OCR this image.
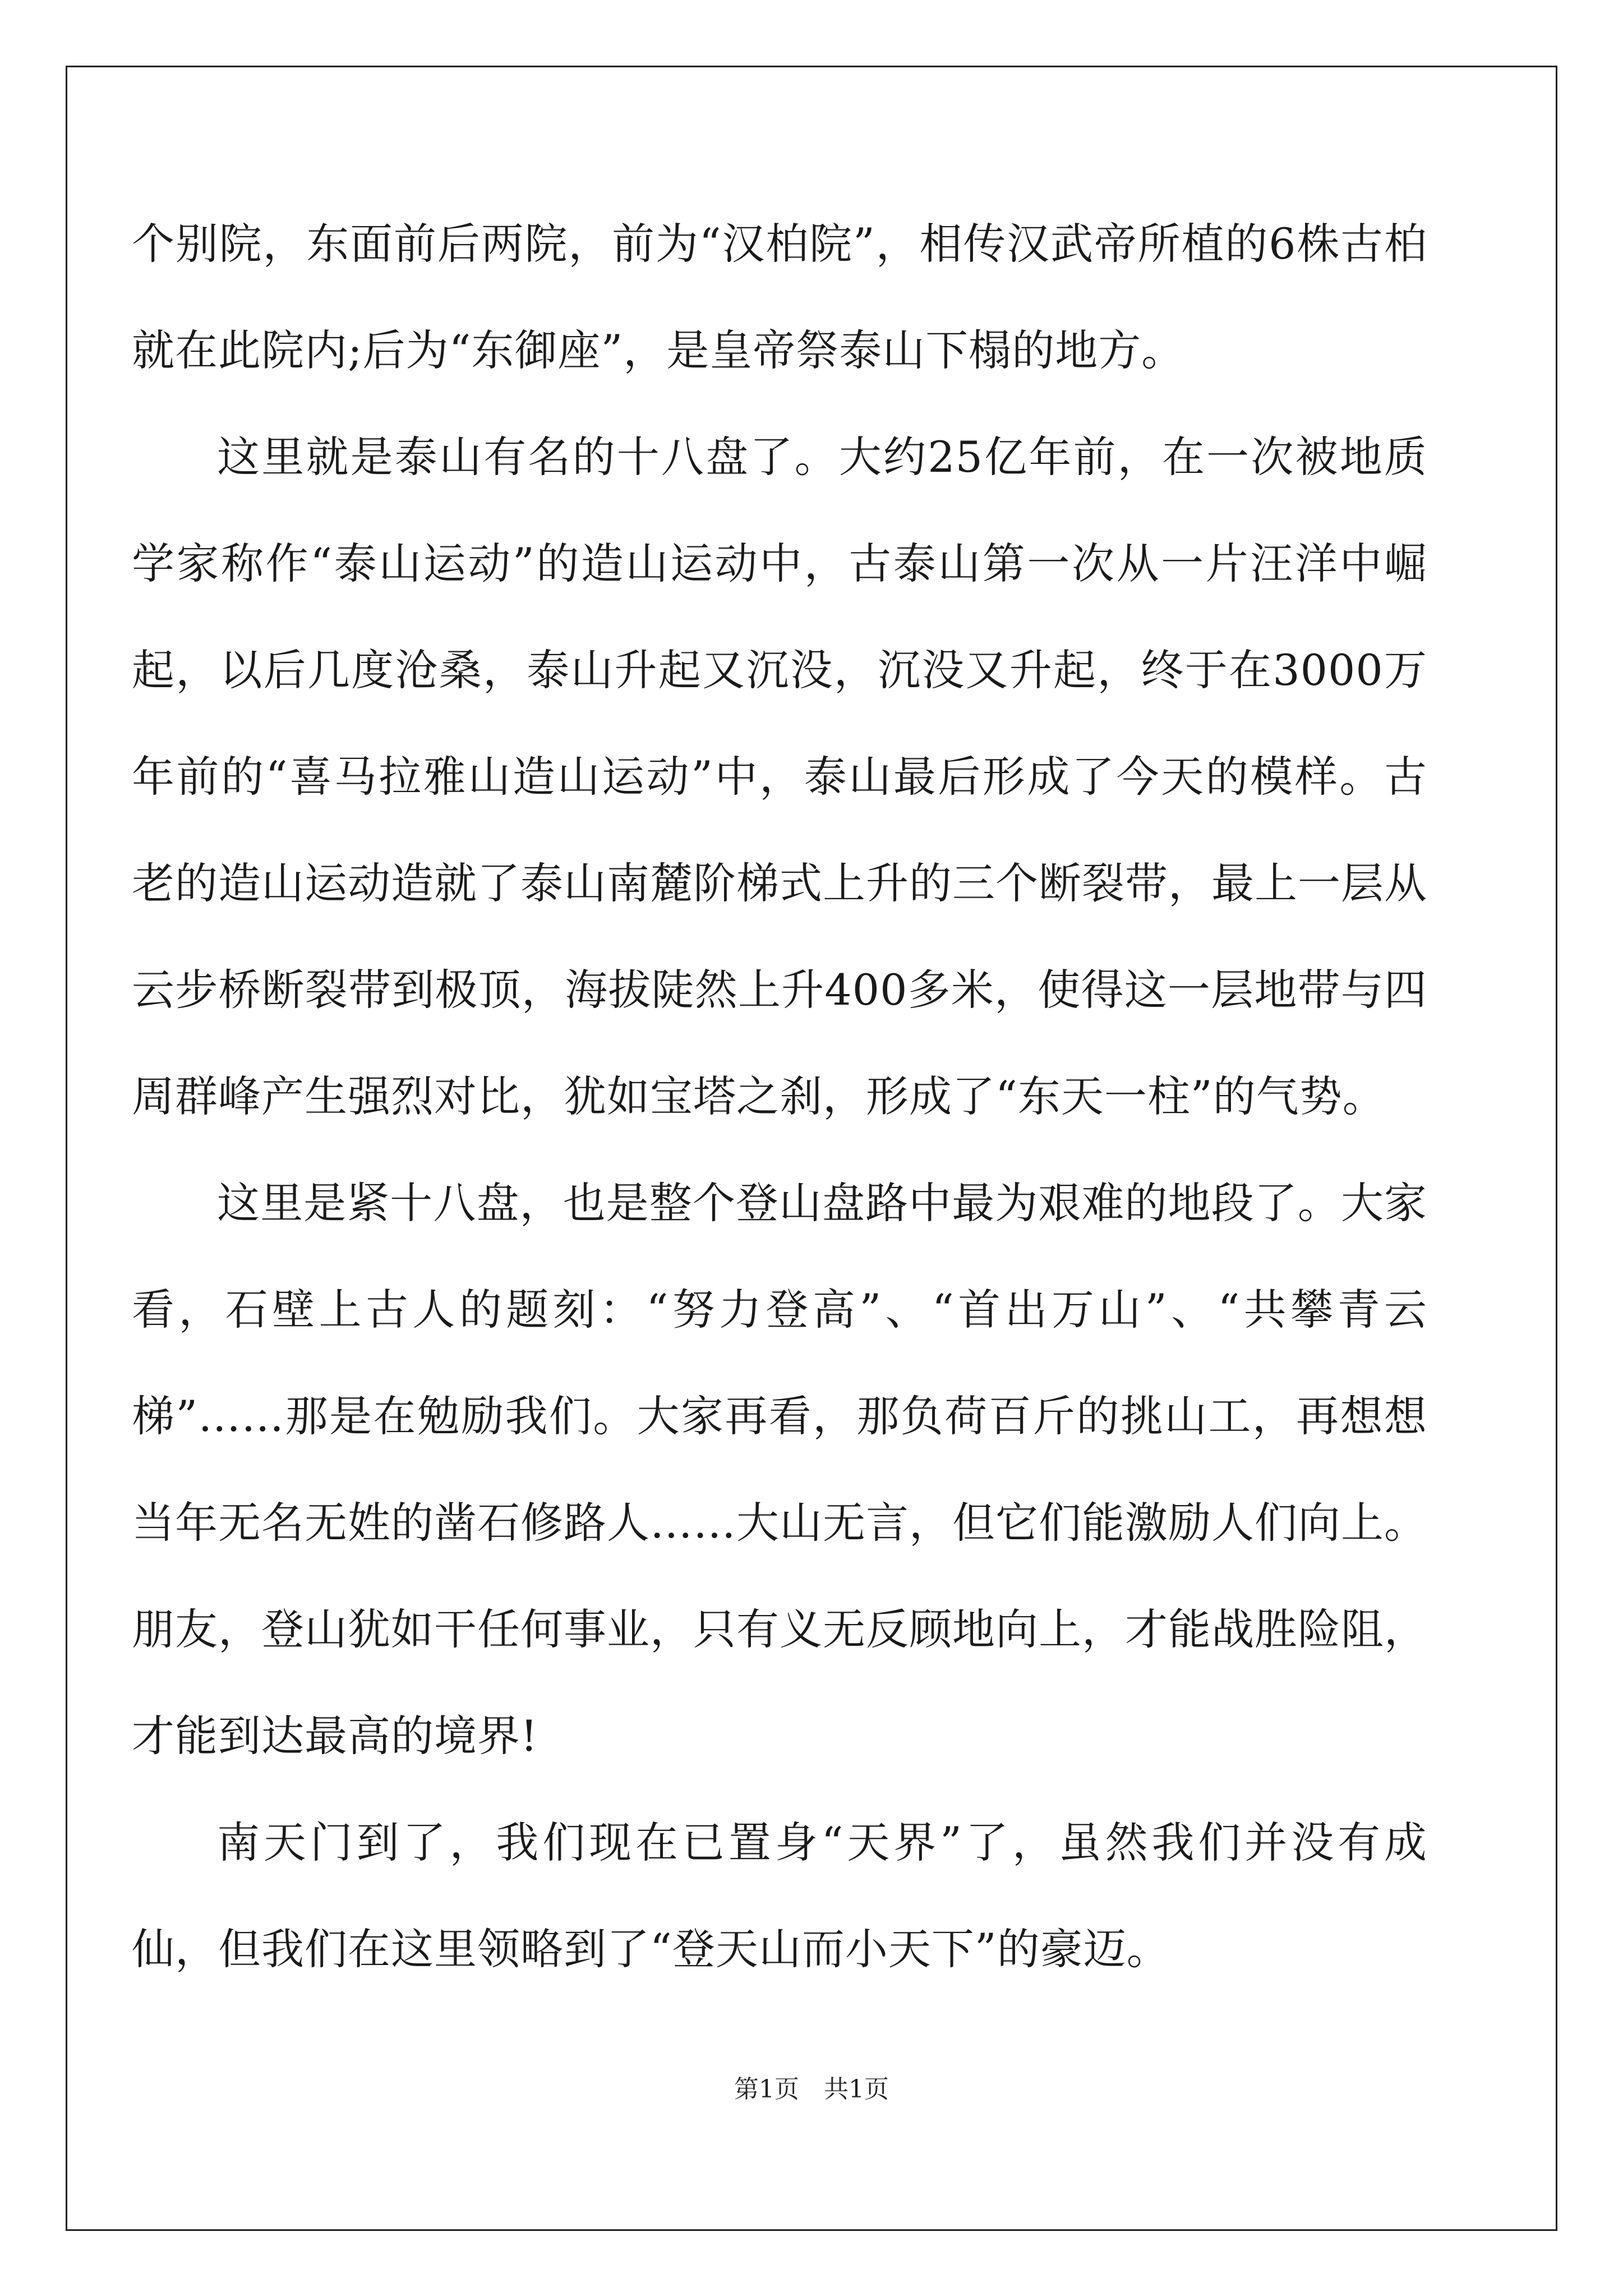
个别院，东面前后两院，前为“汉柏院”，相传汉武帝所植的6株古柏就在此院内;后为“东御座”，是皇帝祭泰山下榻的地方。

这里就是泰山有名的十八盘了。大约25亿年前，在一次被地质学家称作“泰山运动”的造山运动中，古泰山第一次从一片汪洋中崛起，以后几度沧桑，泰山升起又沉没，沉没又升起，终于在3000万年前的“喜马拉雅山造山运动”中，泰山最后形成了今天的模样。古老的造山运动造就了泰山南麓阶梯式上升的三个断裂带，最上一层从云步桥断裂带到极顶，海拔陡然上升400多米，使得这一层地带与四周群峰产生强烈对比，犹如宝塔之刹，形成了“东天一柱”的气势。

这里是紧十八盘，也是整个登山盘路中最为艰难的地段了。大家看，石壁上古人的题刻：“努力登高”、“首出万山”、“共攀青云梯”……那是在勉励我们。大家再看，那负荷百斤的挑山工，再想想当年无名无姓的凿石修路人……大山无言，但它们能激励人们向上。朋友，登山犹如干任何事业，只有义无反顾地向上，才能战胜险阻，才能到达最高的境界!

南天门到了，我们现在已置身“天界”了，虽然我们并没有成仙，但我们在这里领略到了“登天山而小天下”的豪迈。

第1页 共1页
